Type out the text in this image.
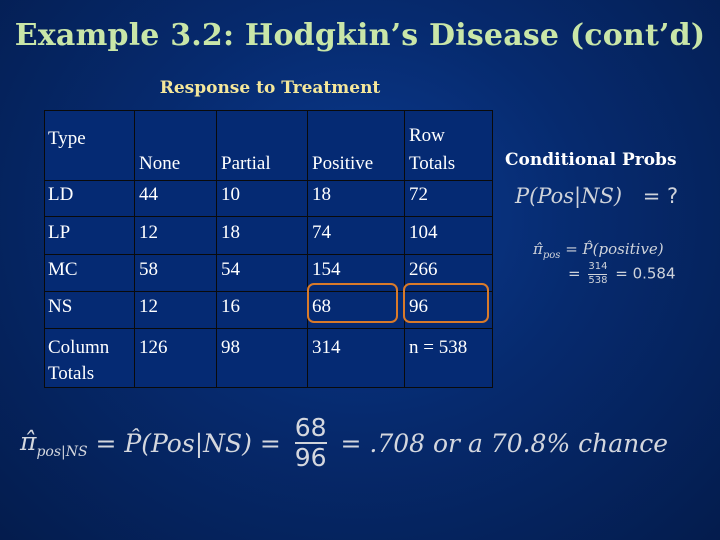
Example 3.2: Hodgkin’s Disease (cont’d)
Response to Treatment
Type	None	Partial	Positive	Row
Totals
LD	44	10	18	72
LP	12	18	74	104
MC	58	54	154	266
NS	12	16	68	96
Column
Totals	126	98	314	n = 538
Conditional Probs
P(Pos|NS) = ?
$\pî_{pos}$ = P̂(positive)
= $\frac{314}{538} = 0.584$
$\pî_{pos|NS}$ = P̂(Pos|NS) = $\frac{68}{96} = .708$ or a 70.8% chance
